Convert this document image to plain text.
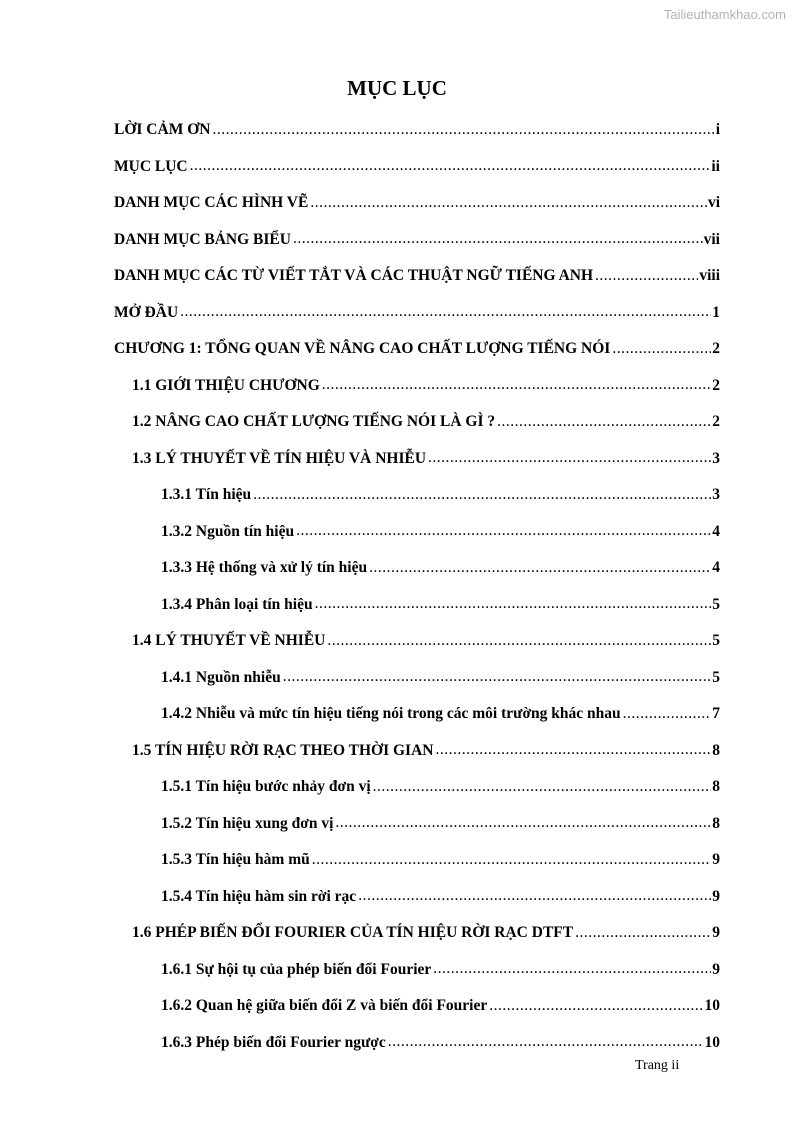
Tailieuthamkhao.com
MỤC LỤC
LỜI CẢM ƠN .....	i
MỤC LỤC .....	ii
DANH MỤC CÁC HÌNH VẼ .....	vi
DANH MỤC BẢNG BIỂU .....	vii
DANH MỤC CÁC TỪ VIẾT TẮT VÀ CÁC THUẬT NGỮ TIẾNG ANH .....	viii
MỞ ĐẦU .....	1
CHƯƠNG 1: TỔNG QUAN VỀ NÂNG CAO CHẤT LƯỢNG TIẾNG NÓI .....	2
1.1 GIỚI THIỆU CHƯƠNG .....	2
1.2 NÂNG CAO CHẤT LƯỢNG TIẾNG NÓI LÀ GÌ ? .....	2
1.3 LÝ THUYẾT VỀ TÍN HIỆU VÀ NHIỄU .....	3
1.3.1 Tín hiệu .....	3
1.3.2 Nguồn tín hiệu .....	4
1.3.3 Hệ thống và xử lý tín hiệu .....	4
1.3.4 Phân loại tín hiệu .....	5
1.4 LÝ THUYẾT VỀ NHIỄU .....	5
1.4.1 Nguồn nhiễu .....	5
1.4.2 Nhiễu và mức tín hiệu tiếng nói trong các môi trường khác nhau .....	7
1.5 TÍN HIỆU RỜI RẠC THEO THỜI GIAN .....	8
1.5.1 Tín hiệu bước nhảy đơn vị .....	8
1.5.2 Tín hiệu xung đơn vị .....	8
1.5.3 Tín hiệu hàm mũ .....	9
1.5.4 Tín hiệu hàm sin rời rạc .....	9
1.6 PHÉP BIẾN ĐỔI FOURIER CỦA TÍN HIỆU RỜI RẠC DTFT .....	9
1.6.1 Sự hội tụ của phép biến đổi Fourier .....	9
1.6.2 Quan hệ giữa biến đổi Z và biến đổi Fourier .....	10
1.6.3 Phép biến đổi Fourier ngược .....	10
Trang ii
